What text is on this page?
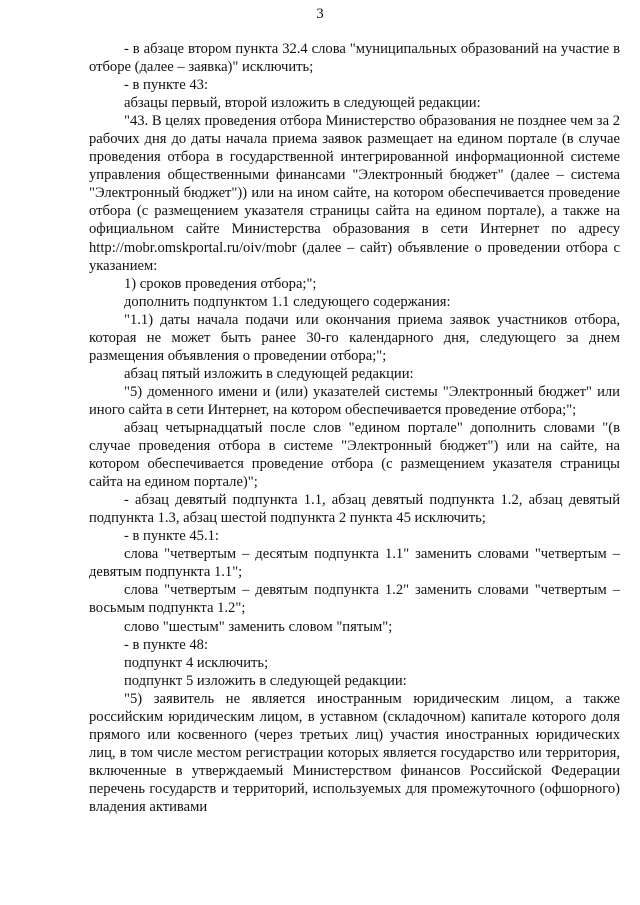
3

- в абзаце втором пункта 32.4 слова "муниципальных образований на участие в отборе (далее – заявка)" исключить;

- в пункте 43:

абзацы первый, второй изложить в следующей редакции:

"43. В целях проведения отбора Министерство образования не позднее чем за 2 рабочих дня до даты начала приема заявок размещает на едином портале (в случае проведения отбора в государственной интегрированной информационной системе управления общественными финансами "Электронный бюджет" (далее – система "Электронный бюджет")) или на ином сайте, на котором обеспечивается проведение отбора (с размещением указателя страницы сайта на едином портале), а также на официальном сайте Министерства образования в сети Интернет по адресу http://mobr.omskportal.ru/oiv/mobr (далее – сайт) объявление о проведении отбора с указанием:

1) сроков проведения отбора;";

дополнить подпунктом 1.1 следующего содержания:

"1.1) даты начала подачи или окончания приема заявок участников отбора, которая не может быть ранее 30-го календарного дня, следующего за днем размещения объявления о проведении отбора;";

абзац пятый изложить в следующей редакции:

"5) доменного имени и (или) указателей системы "Электронный бюджет" или иного сайта в сети Интернет, на котором обеспечивается проведение отбора;";

абзац четырнадцатый после слов "едином портале" дополнить словами "(в случае проведения отбора в системе "Электронный бюджет") или на сайте, на котором обеспечивается проведение отбора (с размещением указателя страницы сайта на едином портале)";

- абзац девятый подпункта 1.1, абзац девятый подпункта 1.2, абзац девятый подпункта 1.3, абзац шестой подпункта 2 пункта 45 исключить;

- в пункте 45.1:

слова "четвертым – десятым подпункта 1.1" заменить словами "четвертым – девятым подпункта 1.1";

слова "четвертым – девятым подпункта 1.2" заменить словами "четвертым – восьмым подпункта 1.2";

слово "шестым" заменить словом "пятым";

- в пункте 48:

подпункт 4 исключить;

подпункт 5 изложить в следующей редакции:

"5) заявитель не является иностранным юридическим лицом, а также российским юридическим лицом, в уставном (складочном) капитале которого доля прямого или косвенного (через третьих лиц) участия иностранных юридических лиц, в том числе местом регистрации которых является государство или территория, включенные в утверждаемый Министерством финансов Российской Федерации перечень государств и территорий, используемых для промежуточного (офшорного) владения активами
